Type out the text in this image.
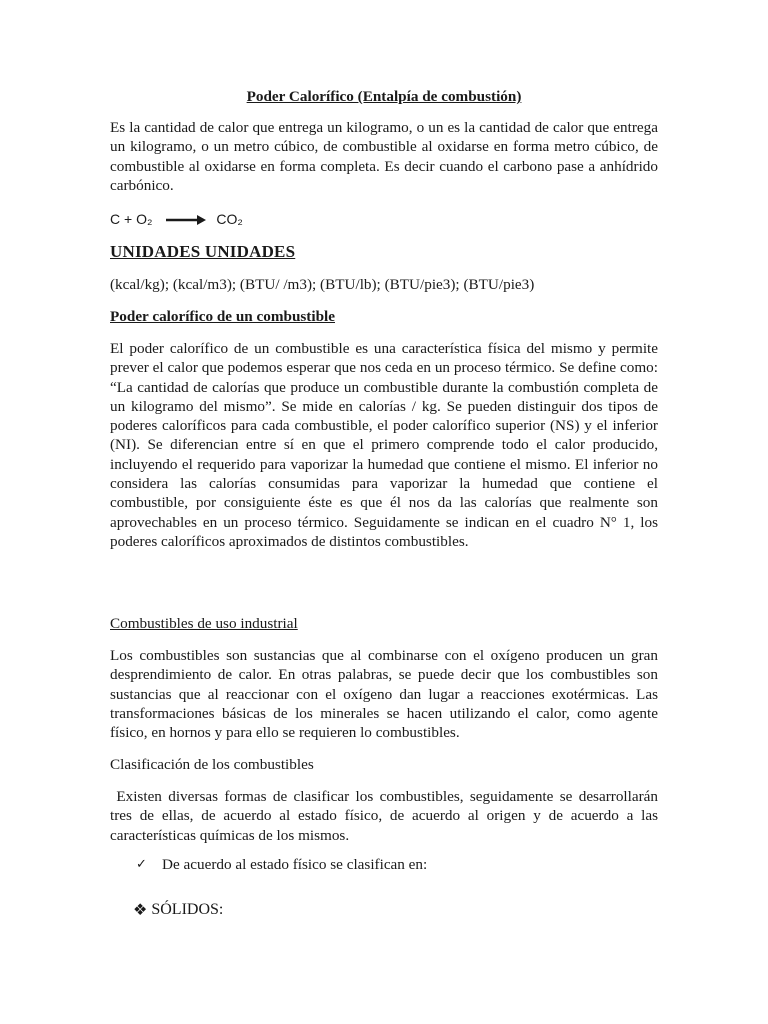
Poder Calorífico (Entalpía de combustión)
Es la cantidad de calor que entrega un kilogramo, o un es la cantidad de calor que entrega un kilogramo, o un metro cúbico, de combustible al oxidarse en forma metro cúbico, de combustible al oxidarse en forma completa. Es decir cuando el carbono pase a anhídrido carbónico.
C + O₂	CO₂
UNIDADES UNIDADES
(kcal/kg); (kcal/m3); (BTU/ /m3); (BTU/lb); (BTU/pie3); (BTU/pie3)
Poder calorífico de un combustible
El poder calorífico de un combustible es una característica física del mismo y permite prever el calor que podemos esperar que nos ceda en un proceso térmico. Se define como: “La cantidad de calorías que produce un combustible durante la combustión completa de un kilogramo del mismo”. Se mide en calorías / kg. Se pueden distinguir dos tipos de poderes caloríficos para cada combustible, el poder calorífico superior (NS) y el inferior (NI). Se diferencian entre sí en que el primero comprende todo el calor producido, incluyendo el requerido para vaporizar la humedad que contiene el mismo. El inferior no considera las calorías consumidas para vaporizar la humedad que contiene el combustible, por consiguiente éste es que él nos da las calorías que realmente son aprovechables en un proceso térmico. Seguidamente se indican en el cuadro N° 1, los poderes caloríficos aproximados de distintos combustibles.
Combustibles de uso industrial
Los combustibles son sustancias que al combinarse con el oxígeno producen un gran desprendimiento de calor. En otras palabras, se puede decir que los combustibles son sustancias que al reaccionar con el oxígeno dan lugar a reacciones exotérmicas. Las transformaciones básicas de los minerales se hacen utilizando el calor, como agente físico, en hornos y para ello se requieren lo combustibles.
Clasificación de los combustibles
Existen diversas formas de clasificar los combustibles, seguidamente se desarrollarán tres de ellas, de acuerdo al estado físico, de acuerdo al origen y de acuerdo a las características químicas de los mismos.
✓ De acuerdo al estado físico se clasifican en:
❖ SÓLIDOS:
